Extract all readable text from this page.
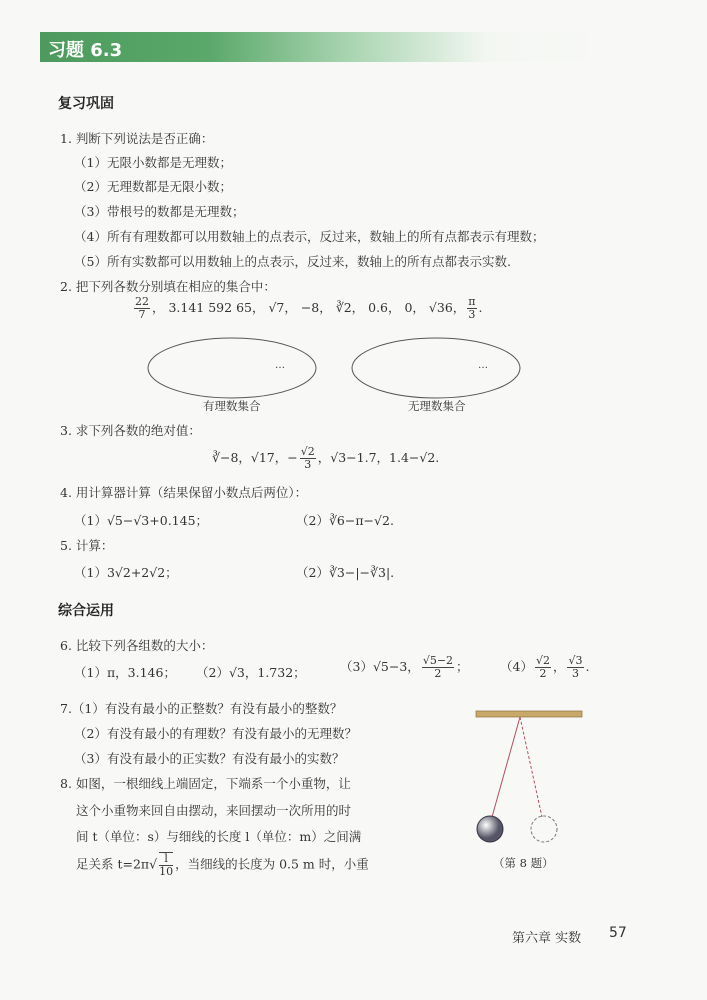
习题 6.3
复习巩固
1. 判断下列说法是否正确：
（1）无限小数都是无理数；
（2）无理数都是无限小数；
（3）带根号的数都是无理数；
（4）所有有理数都可以用数轴上的点表示，反过来，数轴上的所有点都表示有理数；
（5）所有实数都可以用数轴上的点表示，反过来，数轴上的所有点都表示实数.
2. 把下列各数分别填在相应的集合中：
$\frac{22}{7}$ ， 3.141 592 65， √7， −8， ∛2， 0.6， 0， √36， $\frac{\pi}{3}$ .
…	…
有理数集合	无理数集合
3. 求下列各数的绝对值：
∛−8，√17，− $\frac{√2}{3}$ ，√3−1.7，1.4−√2.
4. 用计算器计算（结果保留小数点后两位）：
（1）√5−√3+0.145；	（2）∛6−π−√2.
5. 计算：
（1）3√2+2√2；	（2）∛3−|−∛3|.
综合运用
6. 比较下列各组数的大小：
（1）π，3.146； （2）√3，1.732；	（3）√5−3， $\frac{√5-2}{2}$ ；	$(4) \frac{√2}{2}$ ， $\frac{√3}{3}$ .
7.（1）有没有最小的正整数？有没有最小的整数？
（2）有没有最小的有理数？有没有最小的无理数？
（3）有没有最小的正实数？有没有最小的实数？
8. 如图，一根细线上端固定，下端系一个小重物，让
这个小重物来回自由摆动，来回摆动一次所用的时
间 t（单位：s）与细线的长度 l（单位：m）之间满
足关系 $t=2\pi√ \frac{l}{10}$ ，当细线的长度为 0.5 m 时，小重	（第 8 题）
第六章 实数 57
